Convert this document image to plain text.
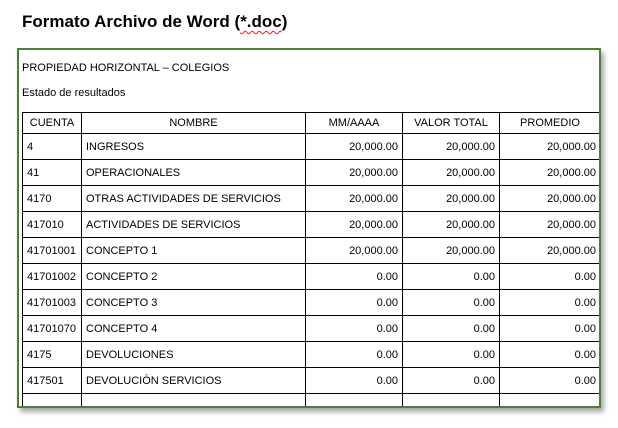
Formato Archivo de Word (*.doc)
PROPIEDAD HORIZONTAL – COLEGIOS
Estado de resultados
CUENTA	NOMBRE	MM/AAAA	VALOR TOTAL	PROMEDIO
4	INGRESOS	20,000.00	20,000.00	20,000.00
41	OPERACIONALES	20,000.00	20,000.00	20,000.00
4170	OTRAS ACTIVIDADES DE SERVICIOS	20,000.00	20,000.00	20,000.00
417010	ACTIVIDADES DE SERVICIOS	20,000.00	20,000.00	20,000.00
41701001	CONCEPTO 1	20,000.00	20,000.00	20,000.00
41701002	CONCEPTO 2	0.00	0.00	0.00
41701003	CONCEPTO 3	0.00	0.00	0.00
41701070	CONCEPTO 4	0.00	0.00	0.00
4175	DEVOLUCIONES	0.00	0.00	0.00
417501	DEVOLUCIÓN SERVICIOS	0.00	0.00	0.00
